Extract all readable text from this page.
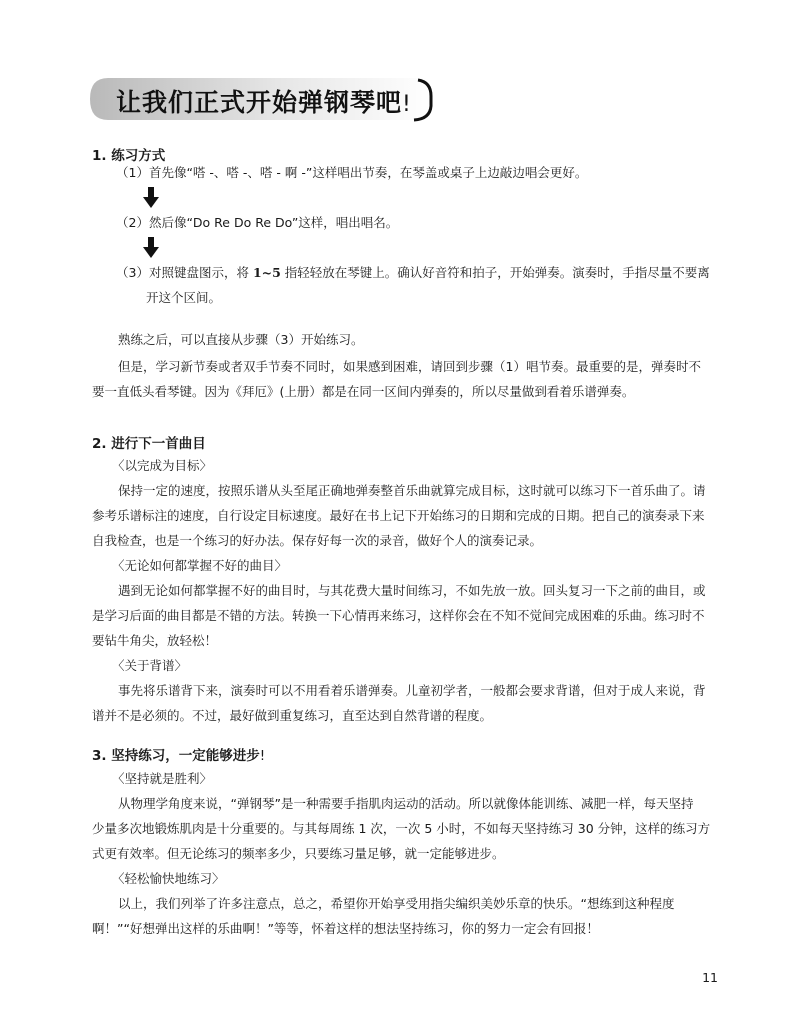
让我们正式开始弹钢琴吧!
1. 练习方式
（1）首先像“嗒 -、嗒 -、嗒 - 啊 -”这样唱出节奏，在琴盖或桌子上边敲边唱会更好。
（2）然后像“Do Re Do Re Do”这样，唱出唱名。
（3）对照键盘图示，将 1~5 指轻轻放在琴键上。确认好音符和拍子，开始弹奏。演奏时，手指尽量不要离
开这个区间。
熟练之后，可以直接从步骤（3）开始练习。
但是，学习新节奏或者双手节奏不同时，如果感到困难，请回到步骤（1）唱节奏。最重要的是，弹奏时不
要一直低头看琴键。因为《拜厄》(上册）都是在同一区间内弹奏的，所以尽量做到看着乐谱弹奏。
2. 进行下一首曲目
〈以完成为目标〉
保持一定的速度，按照乐谱从头至尾正确地弹奏整首乐曲就算完成目标，这时就可以练习下一首乐曲了。请
参考乐谱标注的速度，自行设定目标速度。最好在书上记下开始练习的日期和完成的日期。把自己的演奏录下来
自我检查，也是一个练习的好办法。保存好每一次的录音，做好个人的演奏记录。
〈无论如何都掌握不好的曲目〉
遇到无论如何都掌握不好的曲目时，与其花费大量时间练习，不如先放一放。回头复习一下之前的曲目，或
是学习后面的曲目都是不错的方法。转换一下心情再来练习，这样你会在不知不觉间完成困难的乐曲。练习时不
要钻牛角尖，放轻松！
〈关于背谱〉
事先将乐谱背下来，演奏时可以不用看着乐谱弹奏。儿童初学者，一般都会要求背谱，但对于成人来说，背
谱并不是必须的。不过，最好做到重复练习，直至达到自然背谱的程度。
3. 坚持练习，一定能够进步!
〈坚持就是胜利〉
从物理学角度来说，“弹钢琴”是一种需要手指肌肉运动的活动。所以就像体能训练、减肥一样，每天坚持
少量多次地锻炼肌肉是十分重要的。与其每周练 1 次，一次 5 小时，不如每天坚持练习 30 分钟，这样的练习方
式更有效率。但无论练习的频率多少，只要练习量足够，就一定能够进步。
〈轻松愉快地练习〉
以上，我们列举了许多注意点，总之，希望你开始享受用指尖编织美妙乐章的快乐。“想练到这种程度
啊！”“好想弹出这样的乐曲啊！”等等，怀着这样的想法坚持练习，你的努力一定会有回报！
11
